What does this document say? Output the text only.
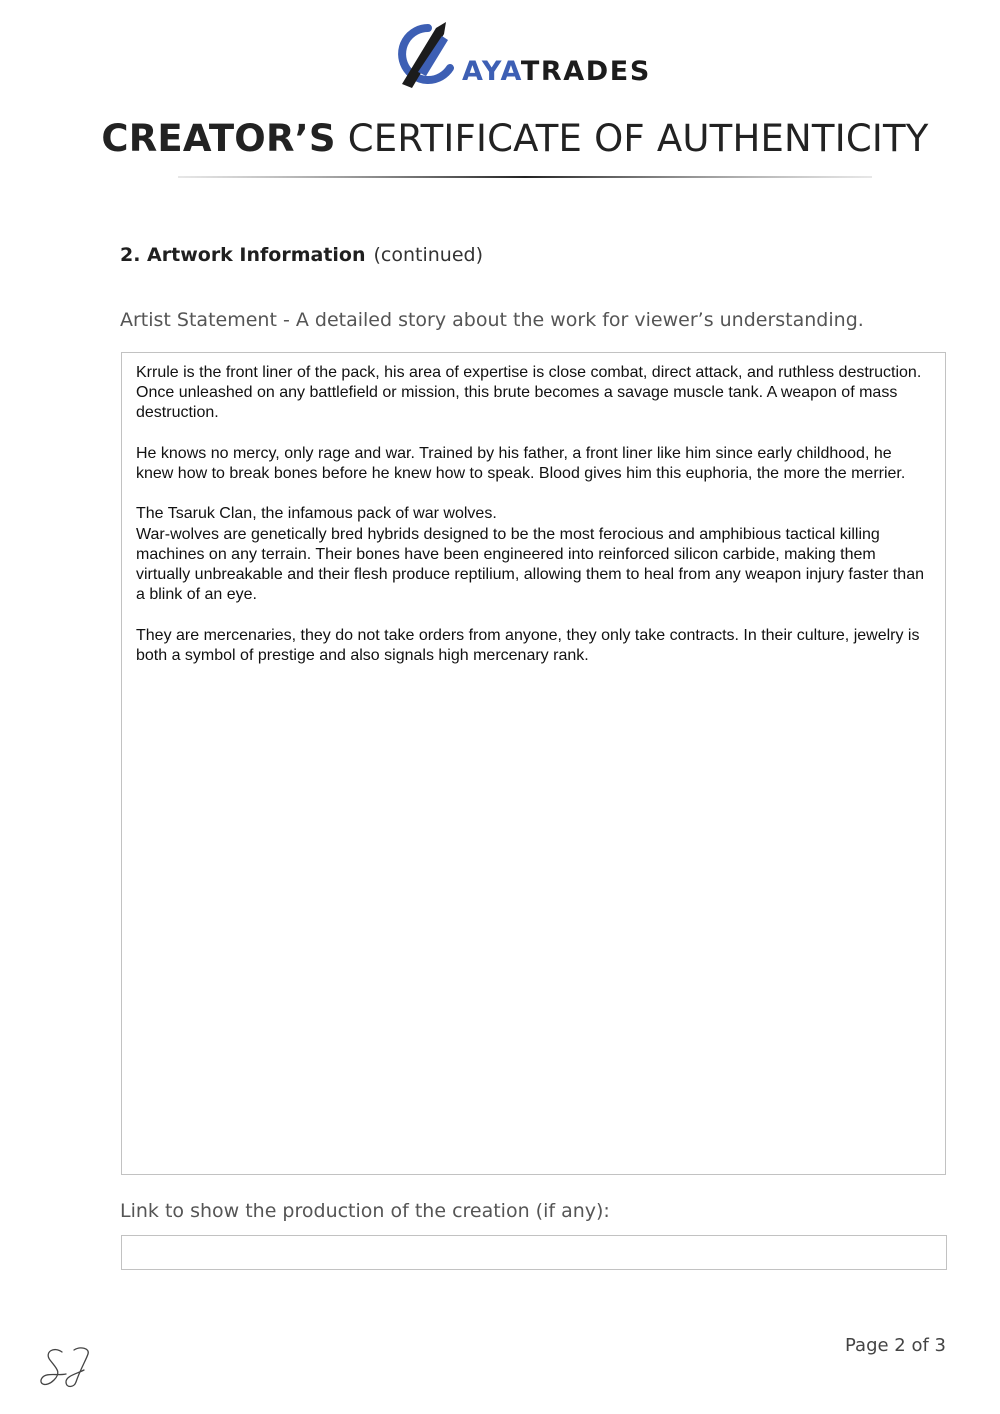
AYATRADES
CREATOR’S CERTIFICATE OF AUTHENTICITY
2. Artwork Information (continued)
Artist Statement - A detailed story about the work for viewer’s understanding.

Krrule is the front liner of the pack, his area of expertise is close combat, direct attack, and ruthless destruction. Once unleashed on any battlefield or mission, this brute becomes a savage muscle tank. A weapon of mass destruction.

He knows no mercy, only rage and war. Trained by his father, a front liner like him since early childhood, he knew how to break bones before he knew how to speak. Blood gives him this euphoria, the more the merrier.

The Tsaruk Clan, the infamous pack of war wolves.

War-wolves are genetically bred hybrids designed to be the most ferocious and amphibious tactical killing machines on any terrain. Their bones have been engineered into reinforced silicon carbide, making them virtually unbreakable and their flesh produce reptilium, allowing them to heal from any weapon injury faster than a blink of an eye.

They are mercenaries, they do not take orders from anyone, they only take contracts. In their culture, jewelry is both a symbol of prestige and also signals high mercenary rank.

Link to show the production of the creation (if any):
Page 2 of 3
